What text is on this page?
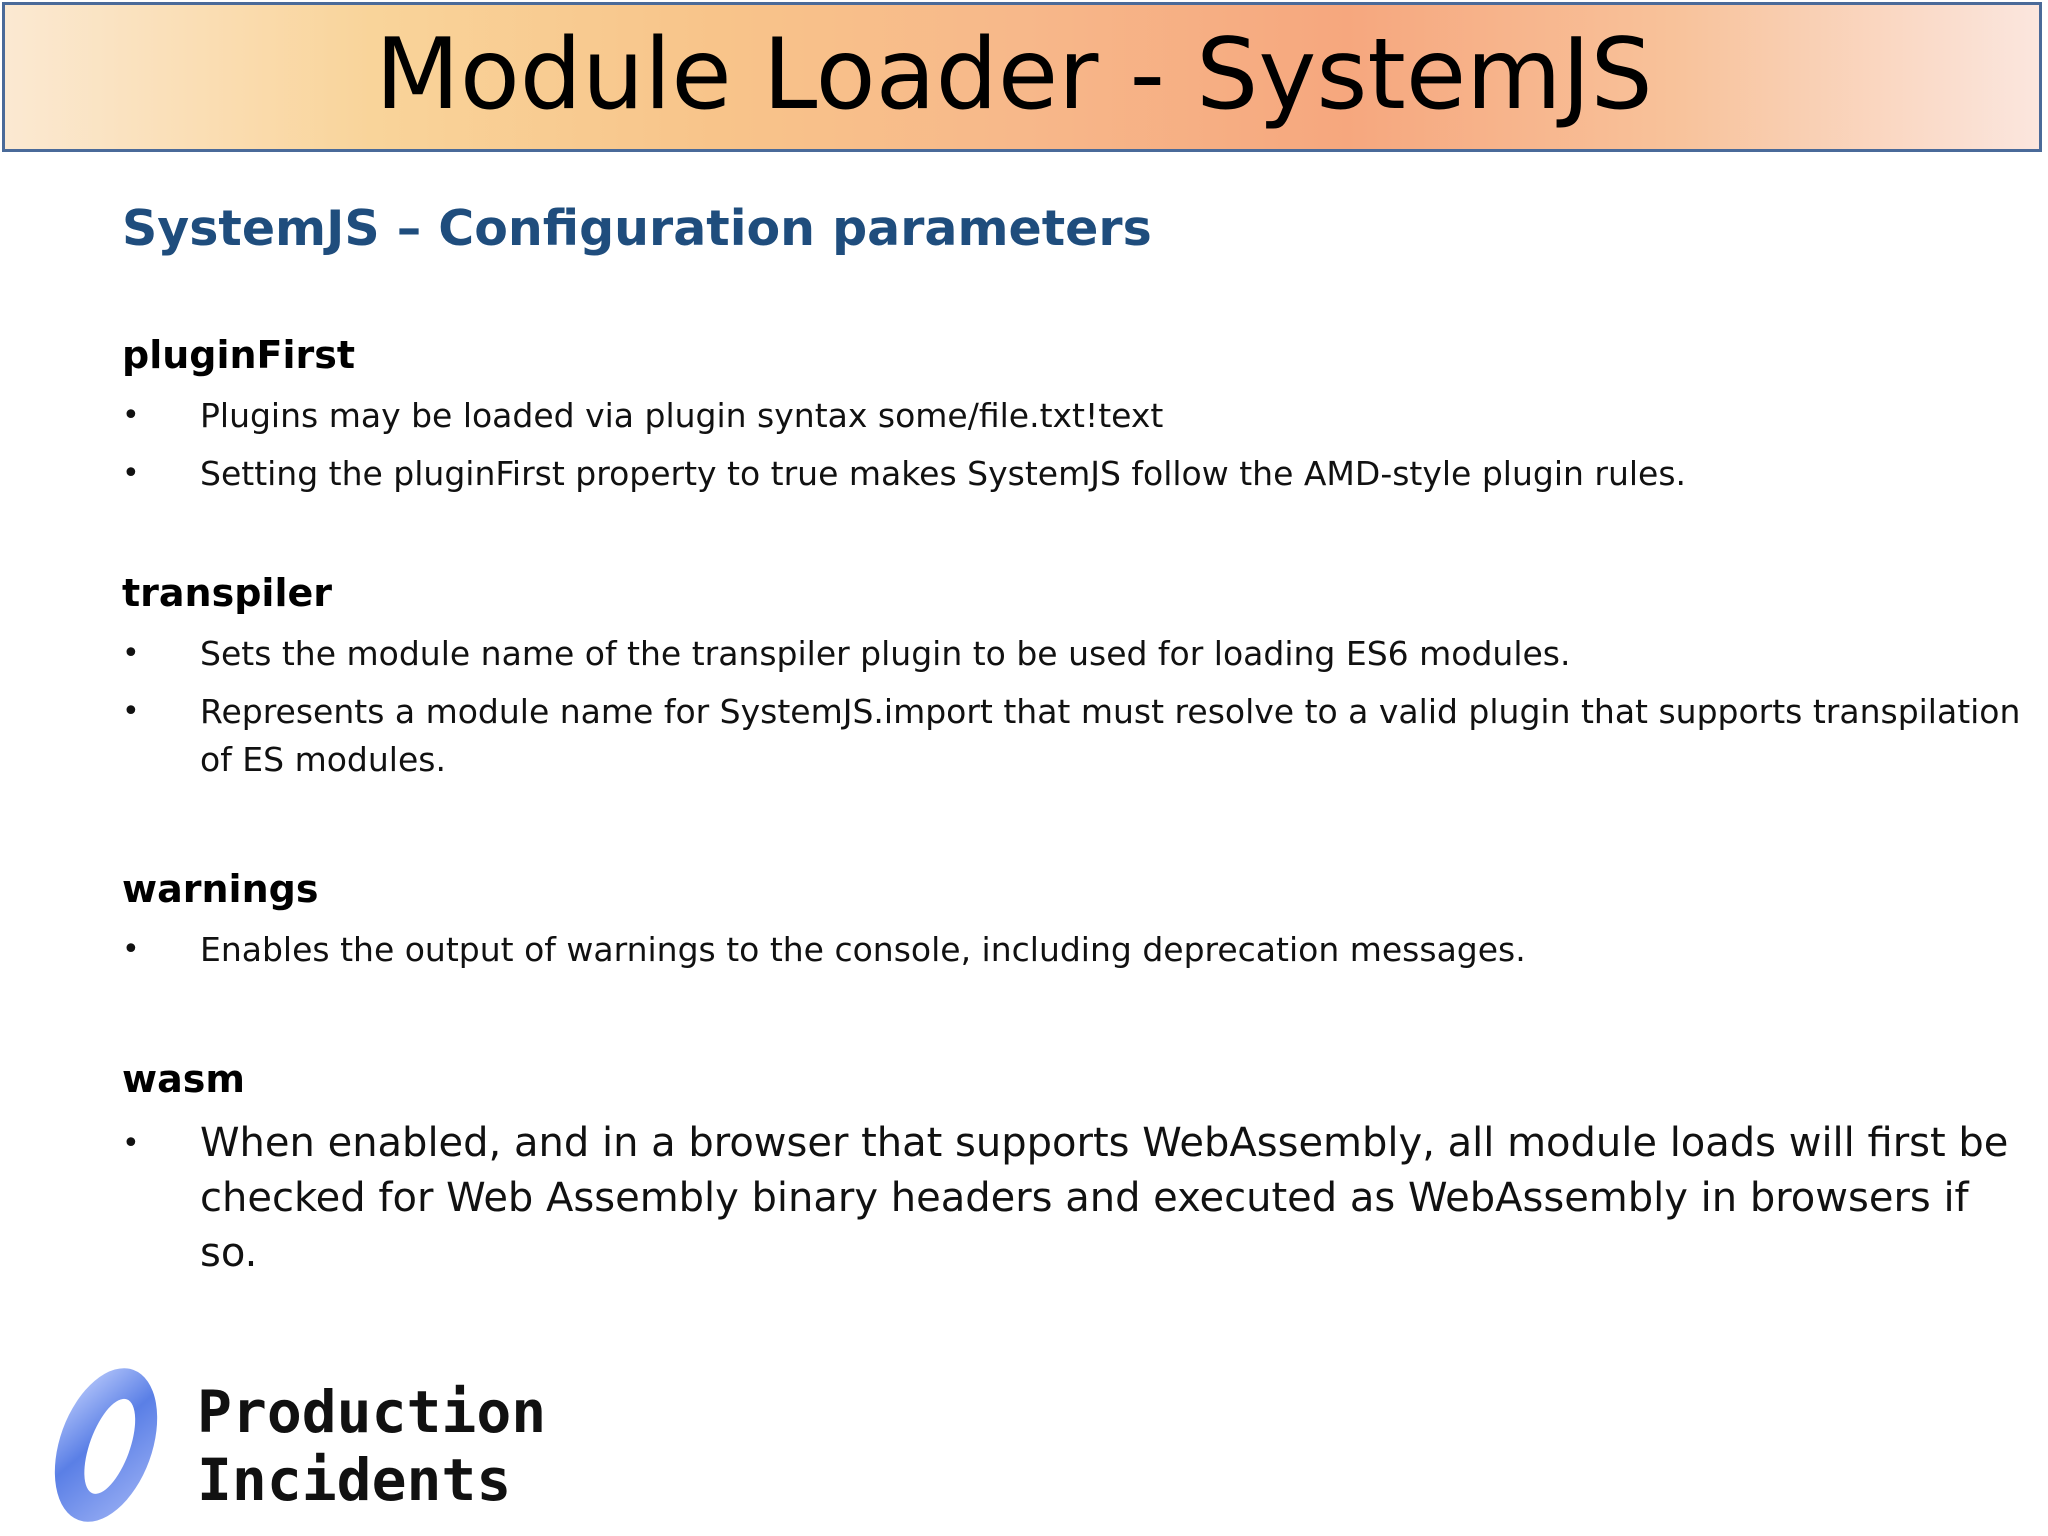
Module Loader - SystemJS
SystemJS – Configuration parameters
pluginFirst
• Plugins may be loaded via plugin syntax some/file.txt!text
• Setting the pluginFirst property to true makes SystemJS follow the AMD-style plugin rules.
transpiler
• Sets the module name of the transpiler plugin to be used for loading ES6 modules.
• Represents a module name for SystemJS.import that must resolve to a valid plugin that supports transpilation of ES modules.
warnings
• Enables the output of warnings to the console, including deprecation messages.
wasm
• When enabled, and in a browser that supports WebAssembly, all module loads will first be checked for Web Assembly binary headers and executed as WebAssembly in browsers if so.
Production
Incidents
